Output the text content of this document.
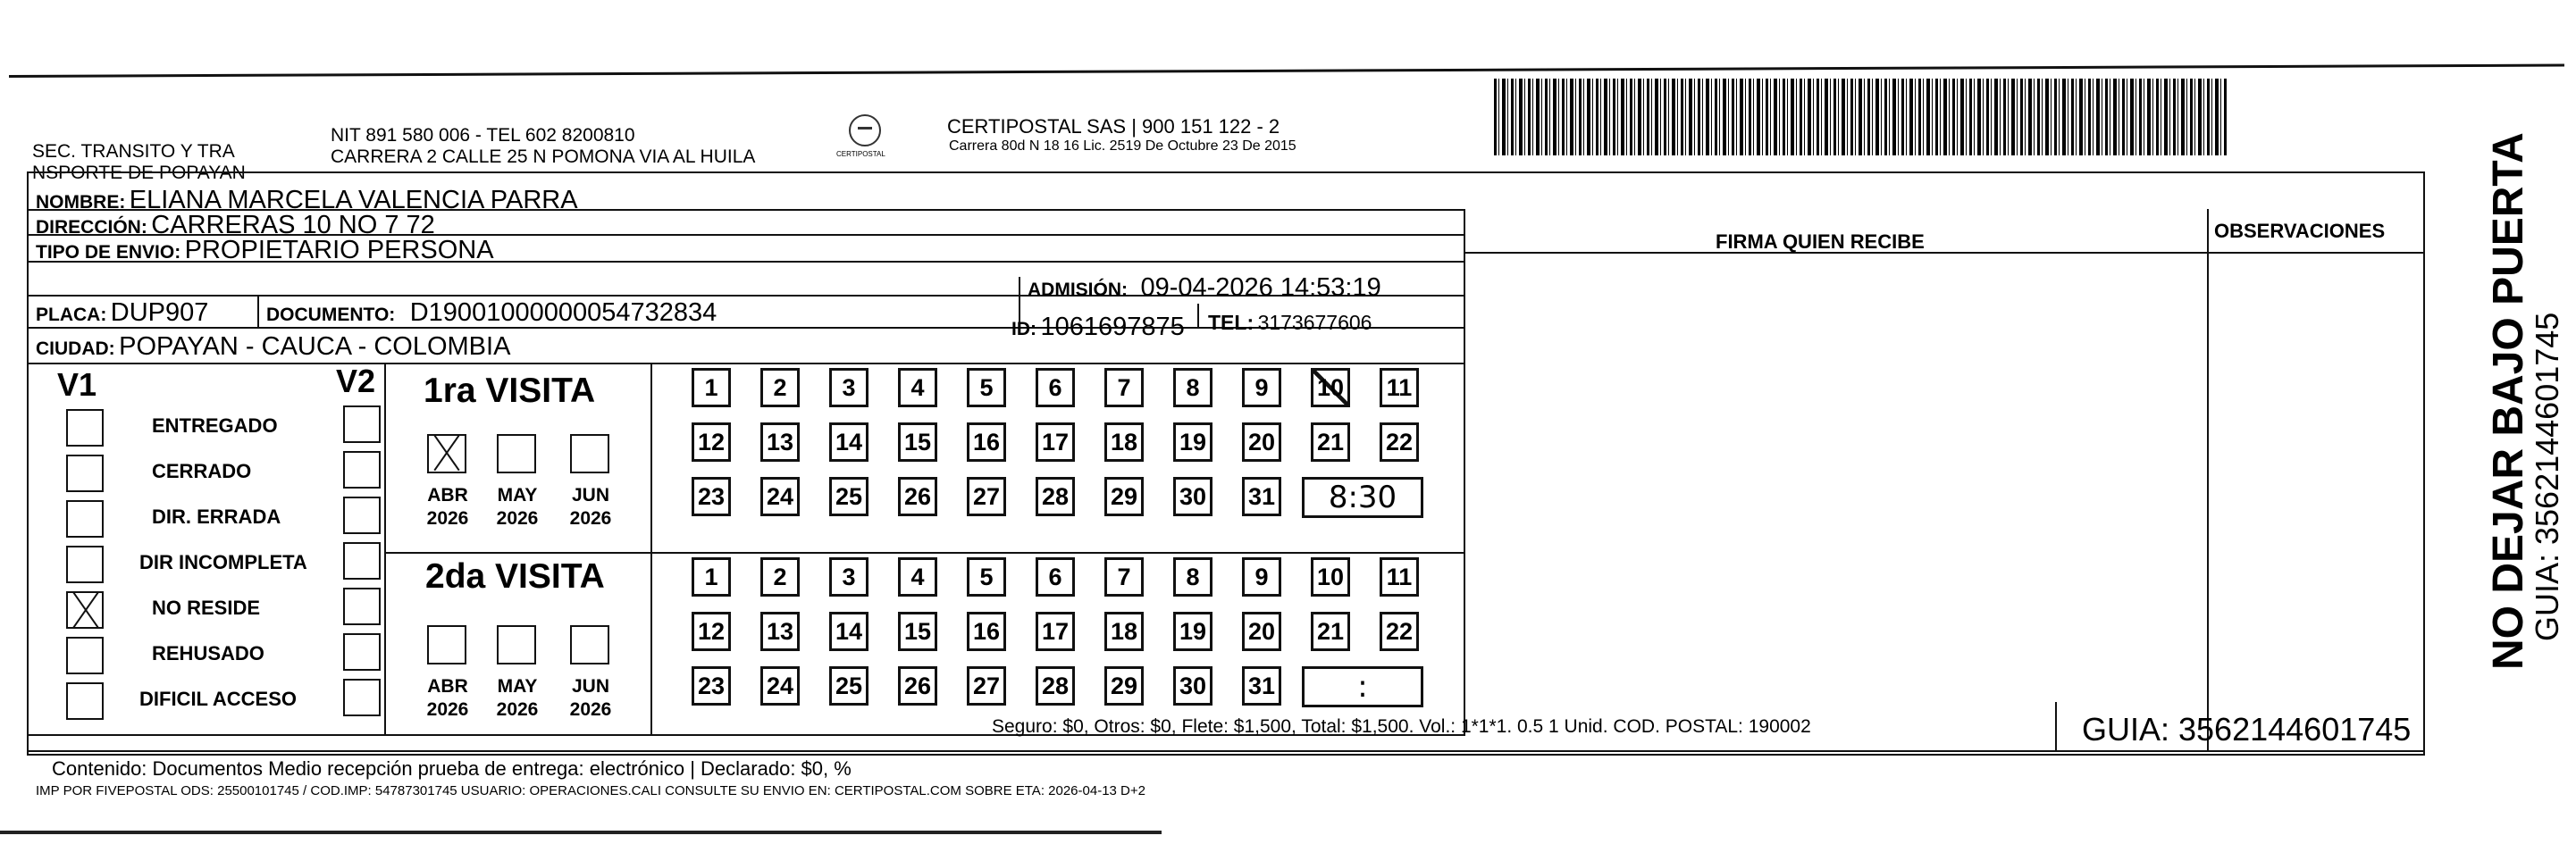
SEC. TRANSITO Y TRA
NSPORTE DE POPAYAN
NIT 891 580 006 - TEL 602 8200810
CARRERA 2 CALLE 25 N POMONA VIA AL HUILA	CERTIPOSTAL
CERTIPOSTAL SAS | 900 151 122 - 2
Carrera 80d N 18 16 Lic. 2519 De Octubre 23 De 2015
NOMBRE: ELIANA MARCELA VALENCIA PARRA
DIRECCIÓN: CARRERAS 10 NO 7 72
TIPO DE ENVIO: PROPIETARIO PERSONA
PLACA: DUP907	DOCUMENTO: D19001000000054732834
ADMISIÓN: 09-04-2026 14:53:19
ID: 1061697875 TEL: 3173677606
CIUDAD: POPAYAN - CAUCA - COLOMBIA
FIRMA QUIEN RECIBE	OBSERVACIONES
V1	V2
ENTREGADO
CERRADO
DIR. ERRADA
DIR INCOMPLETA
NO RESIDE
REHUSADO
DIFICIL ACCESO
1ra VISITA
ABR
2026
MAY
2026
JUN
2026
1	2	3	4	5	6	7	8	9	10 11
12 13 14 15 16 17 18 19 20 21 22
23 24 25 26 27 28 29 30 31	8:30
2da VISITA
ABR
2026
MAY
2026
JUN
2026
1	2	3	4	5	6	7	8	9	10 11
12 13 14 15 16 17 18 19 20 21 22
23 24 25 26 27 28 29 30 31	:
Seguro: $0, Otros: $0, Flete: $1,500, Total: $1,500. Vol.: 1*1*1. 0.5 1 Unid. COD. POSTAL: 190002	GUIA: 3562144601745
Contenido: Documentos Medio recepción prueba de entrega: electrónico | Declarado: $0, %
IMP POR FIVEPOSTAL ODS: 25500101745 / COD.IMP: 54787301745 USUARIO: OPERACIONES.CALI CONSULTE SU ENVIO EN: CERTIPOSTAL.COM SOBRE ETA: 2026-04-13 D+2
NO DEJAR BAJO PUERTA
GUIA: 3562144601745
